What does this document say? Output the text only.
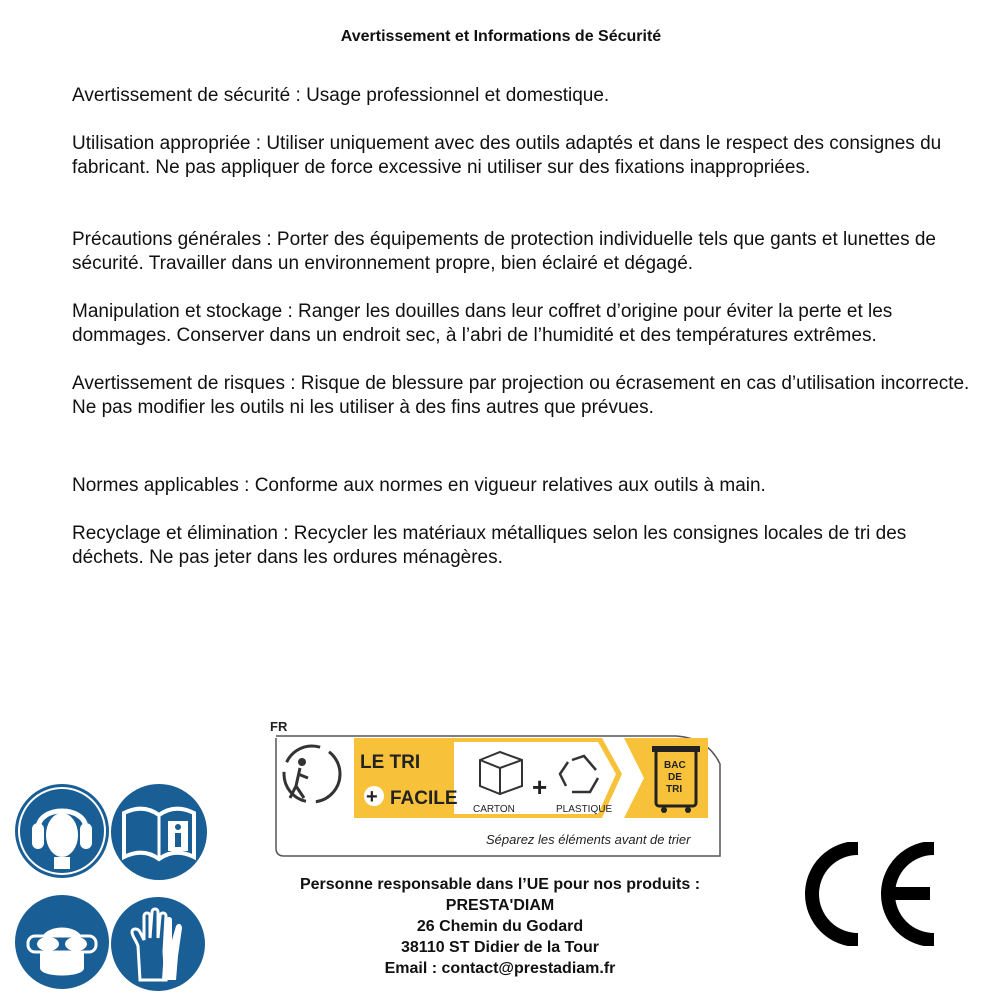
Avertissement et Informations de Sécurité

Avertissement de sécurité : Usage professionnel et domestique.

Utilisation appropriée : Utiliser uniquement avec des outils adaptés et dans le respect des consignes du fabricant. Ne pas appliquer de force excessive ni utiliser sur des fixations inappropriées.

Précautions générales : Porter des équipements de protection individuelle tels que gants et lunettes de sécurité. Travailler dans un environnement propre, bien éclairé et dégagé.

Manipulation et stockage : Ranger les douilles dans leur coffret d’origine pour éviter la perte et les dommages. Conserver dans un endroit sec, à l’abri de l’humidité et des températures extrêmes.

Avertissement de risques : Risque de blessure par projection ou écrasement en cas d’utilisation incorrecte. Ne pas modifier les outils ni les utiliser à des fins autres que prévues.

Normes applicables : Conforme aux normes en vigueur relatives aux outils à main.

Recyclage et élimination : Recycler les matériaux métalliques selon les consignes locales de tri des déchets. Ne pas jeter dans les ordures ménagères.

FR
LE TRI
+ FACILE
CARTON
+
PLASTIQUE
BAC
DE
TRI
Séparez les éléments avant de trier
Personne responsable dans l’UE pour nos produits :
PRESTA'DIAM
26 Chemin du Godard
38110 ST Didier de la Tour
Email : contact@prestadiam.fr
